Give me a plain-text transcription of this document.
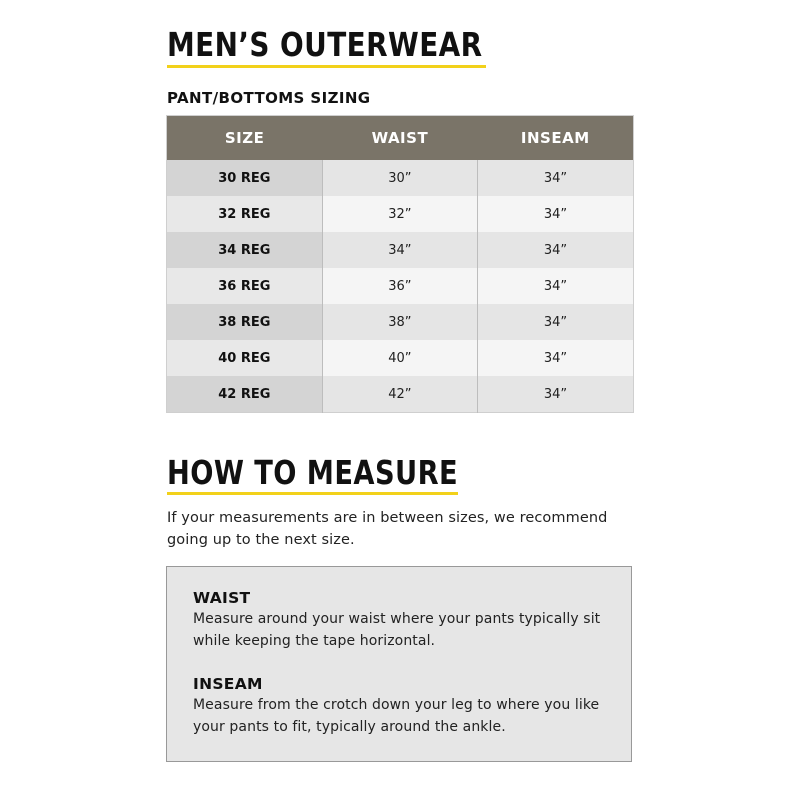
MEN’S OUTERWEAR
PANT/BOTTOMS SIZING
SIZE	WAIST	INSEAM
30 REG	30”	34”
32 REG	32”	34”
34 REG	34”	34”
36 REG	36”	34”
38 REG	38”	34”
40 REG	40”	34”
42 REG	42”	34”
HOW TO MEASURE
If your measurements are in between sizes, we recommend going up to the next size.
WAIST
Measure around your waist where your pants typically sit while keeping the tape horizontal.
INSEAM
Measure from the crotch down your leg to where you like your pants to fit, typically around the ankle.
